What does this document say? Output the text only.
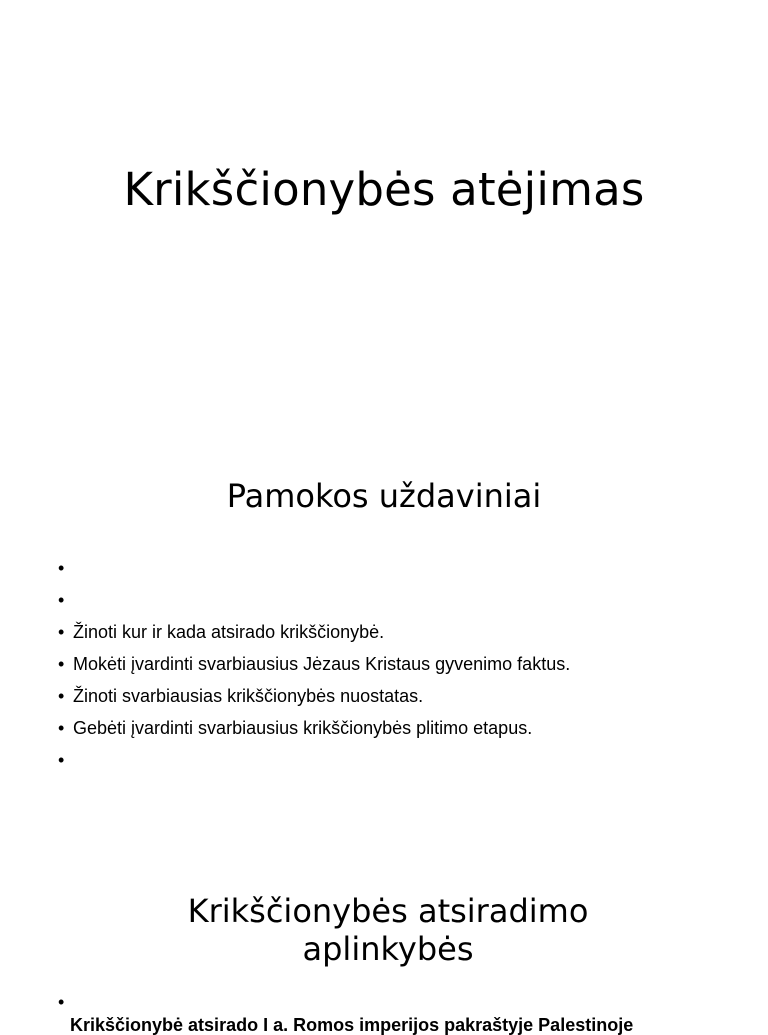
Krikščionybės atėjimas
Pamokos uždaviniai
•
•
• Žinoti kur ir kada atsirado krikščionybė.
• Mokėti įvardinti svarbiausius Jėzaus Kristaus gyvenimo faktus.
• Žinoti svarbiausias krikščionybės nuostatas.
• Gebėti įvardinti svarbiausius krikščionybės plitimo etapus.
•
Krikščionybės atsiradimo
aplinkybės
•
Krikščionybė atsirado I a. Romos imperijos pakraštyje Palestinoje
